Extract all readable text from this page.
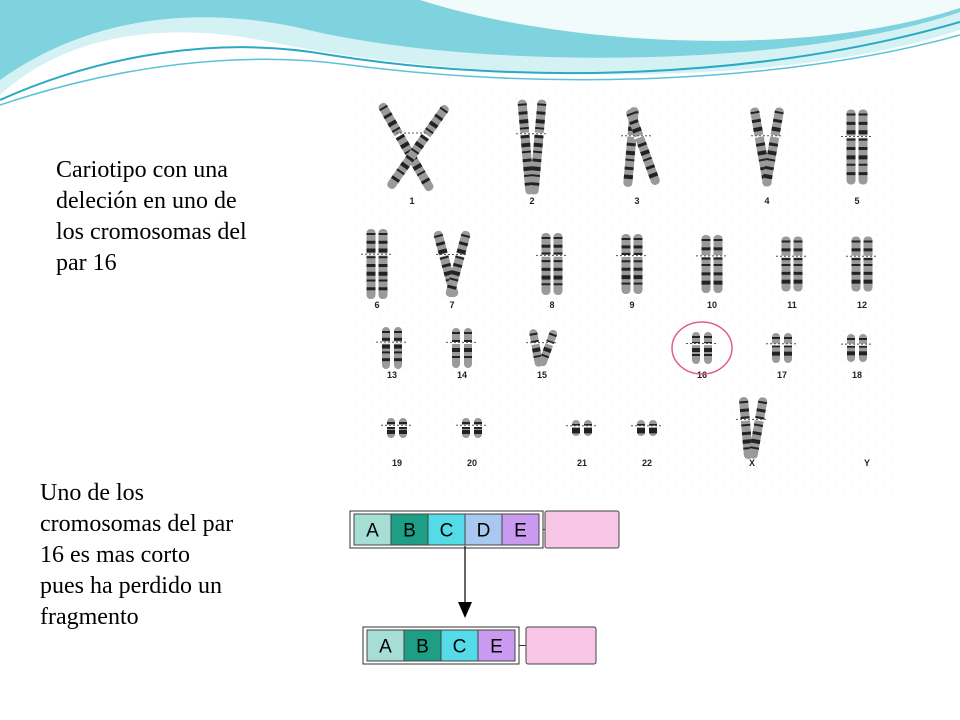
Cariotipo con una
deleción en uno de
los cromosomas del
par 16
Uno de los
cromosomas del par
16 es mas corto
pues ha perdido un
fragmento
1	2	3	4	5
6	7	8	9	10	11	12
13	14	15	16	17	18
19	20	21	22	X	Y
A B C D E
A B C E
